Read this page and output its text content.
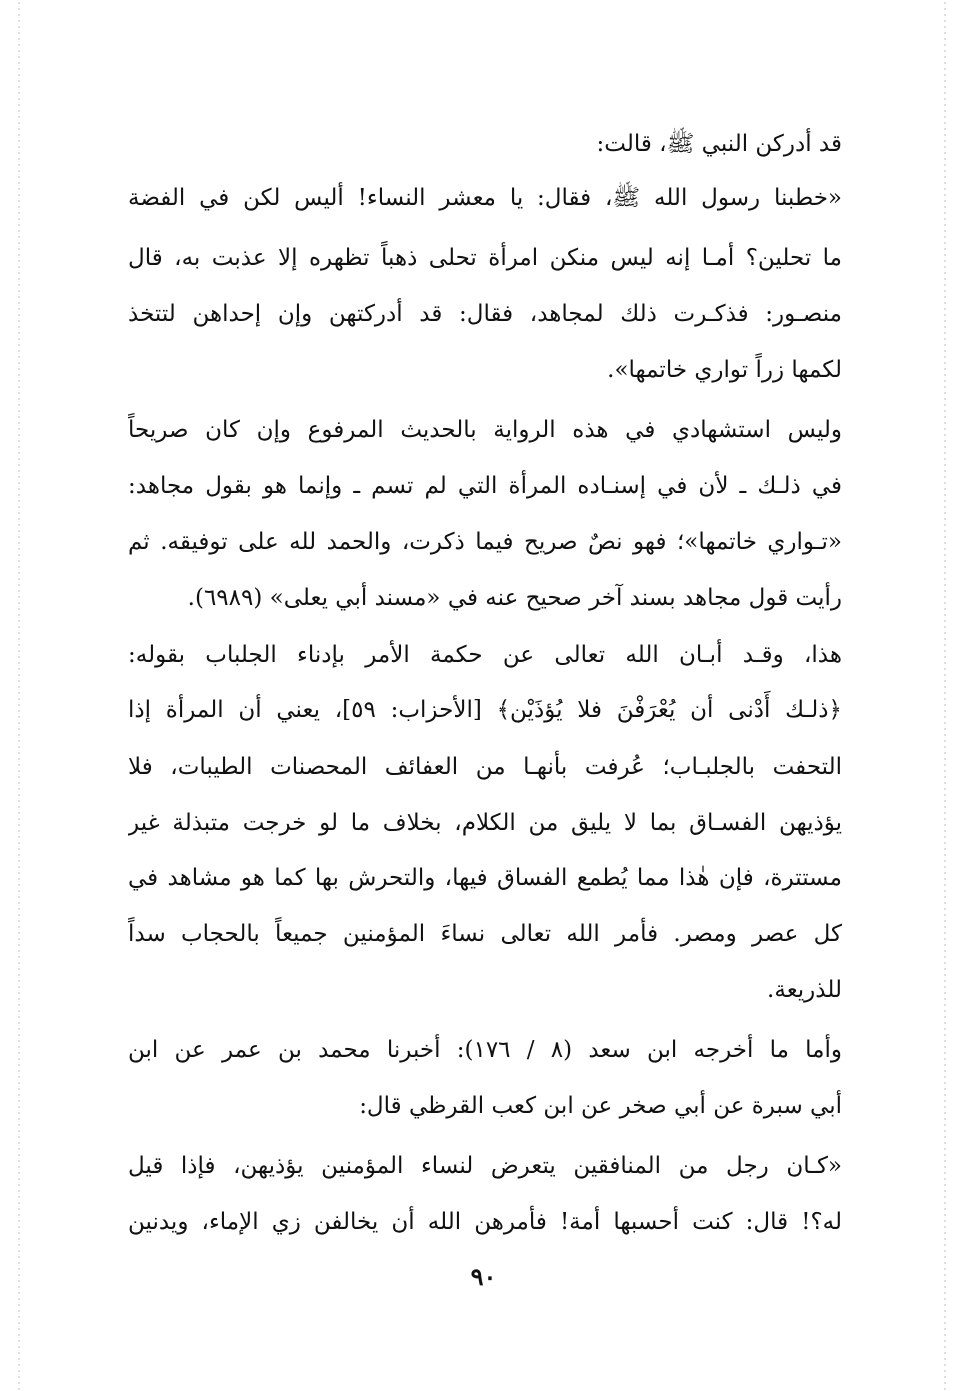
قد أدركن النبي ﷺ، قالت:
«خطبنا رسول الله ﷺ، فقال: يا معشر النساء! أليس لكن في الفضة
ما تحلين؟ أمـا إنه ليس منكن امرأة تحلى ذهباً تظهره إلا عذبت به، قال
منصـور: فذكـرت ذلك لمجاهد، فقال: قد أدركتهن وإن إحداهن لتتخذ
لكمها زراً تواري خاتمها».
وليس استشهادي في هذه الرواية بالحديث المرفوع وإن كان صريحاً
في ذلـك ـ لأن في إسنـاده المرأة التي لم تسم ـ وإنما هو بقول مجاهد:
«تـواري خاتمها»؛ فهو نصٌ صريح فيما ذكرت، والحمد لله على توفيقه. ثم
رأيت قول مجاهد بسند آخر صحيح عنه في «مسند أبي يعلى» (٦٩٨٩).
هذا، وقـد أبـان الله تعالى عن حكمة الأمر بإدناء الجلباب بقوله:
﴿ذلـك أَدْنى أن يُعْرَفْنَ فلا يُؤذَيْن﴾ [الأحزاب: ٥٩]، يعني أن المرأة إذا
التحفت بالجلبـاب؛ عُرفت بأنهـا من العفائف المحصنات الطيبات، فلا
يؤذيهن الفسـاق بما لا يليق من الكلام، بخلاف ما لو خرجت متبذلة غير
مستترة، فإن هٰذا مما يُطمع الفساق فيها، والتحرش بها كما هو مشاهد في
كل عصر ومصر. فأمر الله تعالى نساءَ المؤمنين جميعاً بالحجاب سداً
للذريعة.
وأما ما أخرجه ابن سعد (٨ / ١٧٦): أخبرنا محمد بن عمر عن ابن
أبي سبرة عن أبي صخر عن ابن كعب القرظي قال:
«كـان رجل من المنافقين يتعرض لنساء المؤمنين يؤذيهن، فإذا قيل
له؟! قال: كنت أحسبها أمة! فأمرهن الله أن يخالفن زي الإماء، ويدنين
٩٠
